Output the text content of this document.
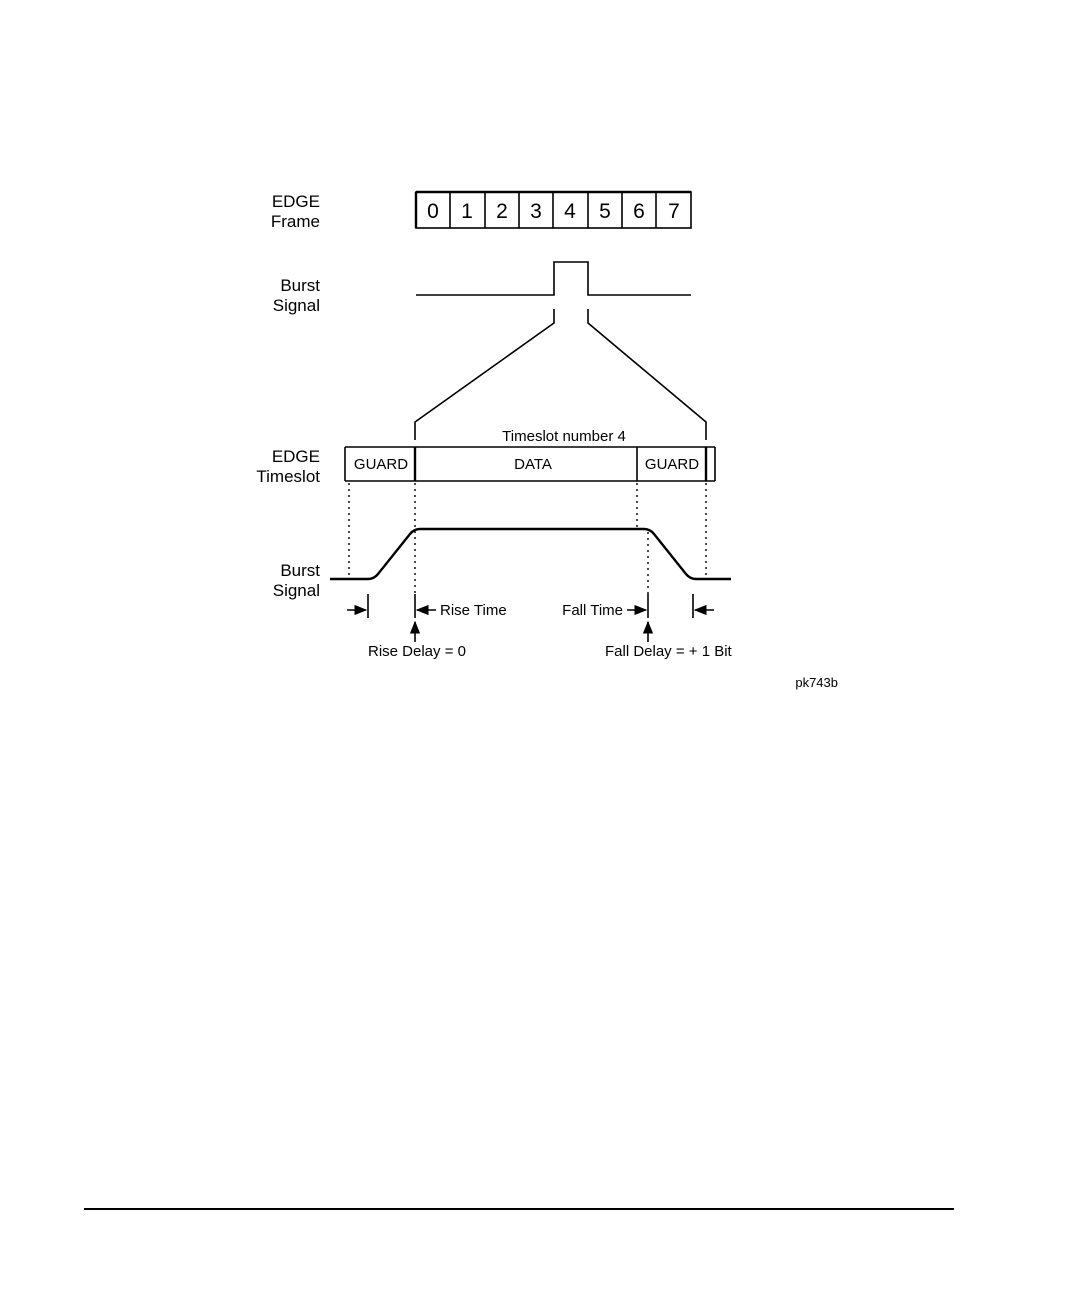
EDGE
Frame
Burst
Signal
EDGE
Timeslot
Burst
Signal
0 1 2 3 4 5 6 7
Timeslot number 4
GUARD	DATA	GUARD
Rise Time	Fall Time
Rise Delay = 0	Fall Delay = + 1 Bit
pk743b
